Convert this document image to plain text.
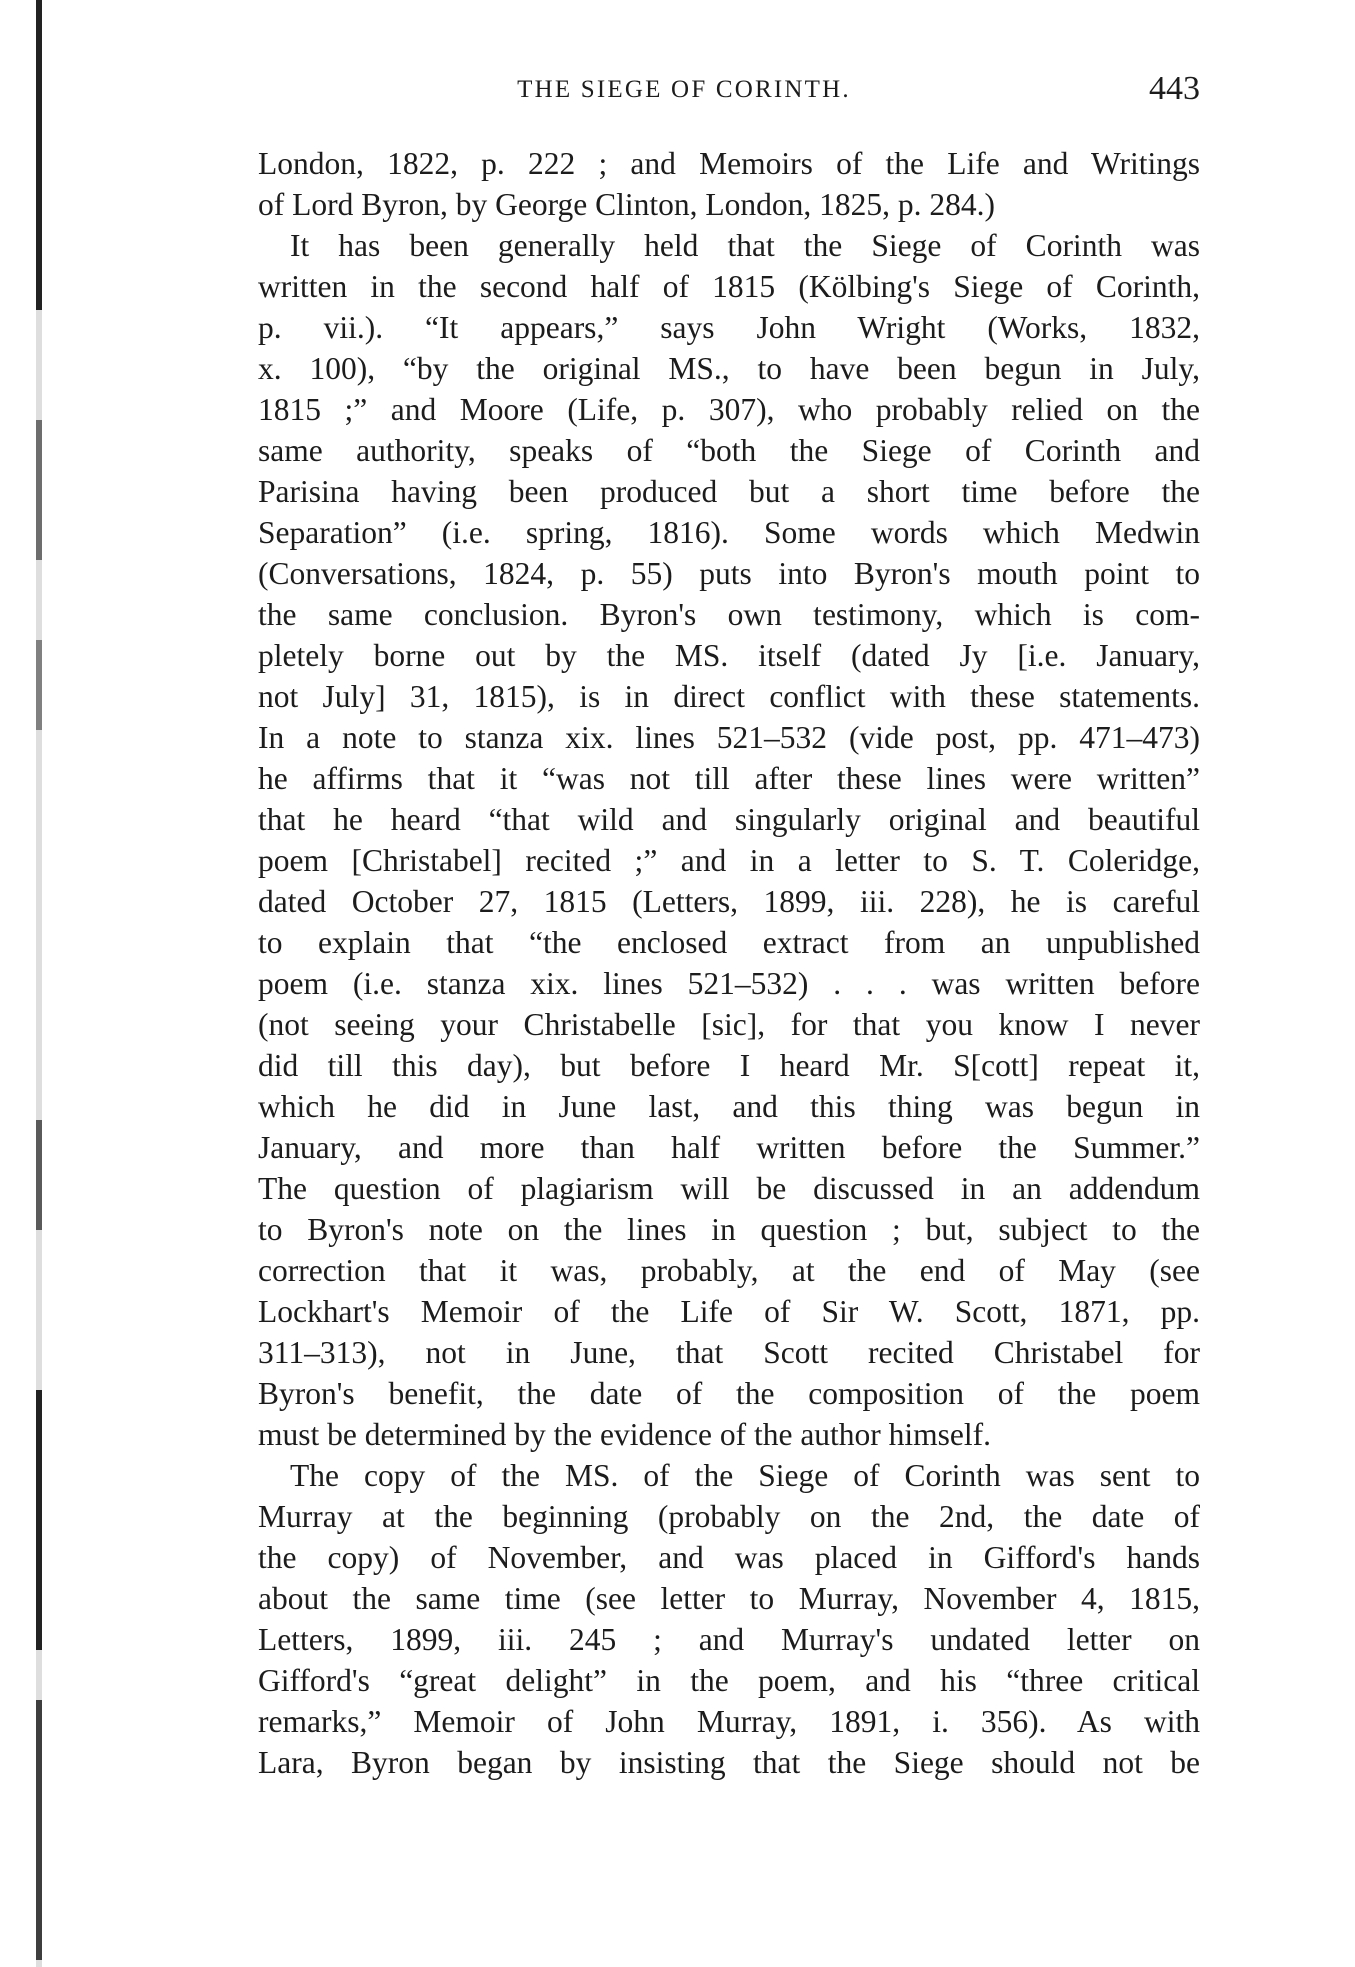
THE SIEGE OF CORINTH.	443
London, 1822, p. 222 ; and Memoirs of the Life and Writings
of Lord Byron, by George Clinton, London, 1825, p. 284.)
It has been generally held that the Siege of Corinth was
written in the second half of 1815 (Kölbing's Siege of Corinth,
p. vii.). “It appears,” says John Wright (Works, 1832,
x. 100), “by the original MS., to have been begun in July,
1815 ;” and Moore (Life, p. 307), who probably relied on the
same authority, speaks of “both the Siege of Corinth and
Parisina having been produced but a short time before the
Separation” (i.e. spring, 1816). Some words which Medwin
(Conversations, 1824, p. 55) puts into Byron's mouth point to
the same conclusion. Byron's own testimony, which is com-
pletely borne out by the MS. itself (dated Jy [i.e. January,
not July] 31, 1815), is in direct conflict with these statements.
In a note to stanza xix. lines 521–532 (vide post, pp. 471–473)
he affirms that it “was not till after these lines were written”
that he heard “that wild and singularly original and beautiful
poem [Christabel] recited ;” and in a letter to S. T. Coleridge,
dated October 27, 1815 (Letters, 1899, iii. 228), he is careful
to explain that “the enclosed extract from an unpublished
poem (i.e. stanza xix. lines 521–532) . . . was written before
(not seeing your Christabelle [sic], for that you know I never
did till this day), but before I heard Mr. S[cott] repeat it,
which he did in June last, and this thing was begun in
January, and more than half written before the Summer.”
The question of plagiarism will be discussed in an addendum
to Byron's note on the lines in question ; but, subject to the
correction that it was, probably, at the end of May (see
Lockhart's Memoir of the Life of Sir W. Scott, 1871, pp.
311–313), not in June, that Scott recited Christabel for
Byron's benefit, the date of the composition of the poem
must be determined by the evidence of the author himself.
The copy of the MS. of the Siege of Corinth was sent to
Murray at the beginning (probably on the 2nd, the date of
the copy) of November, and was placed in Gifford's hands
about the same time (see letter to Murray, November 4, 1815,
Letters, 1899, iii. 245 ; and Murray's undated letter on
Gifford's “great delight” in the poem, and his “three critical
remarks,” Memoir of John Murray, 1891, i. 356). As with
Lara, Byron began by insisting that the Siege should not be
